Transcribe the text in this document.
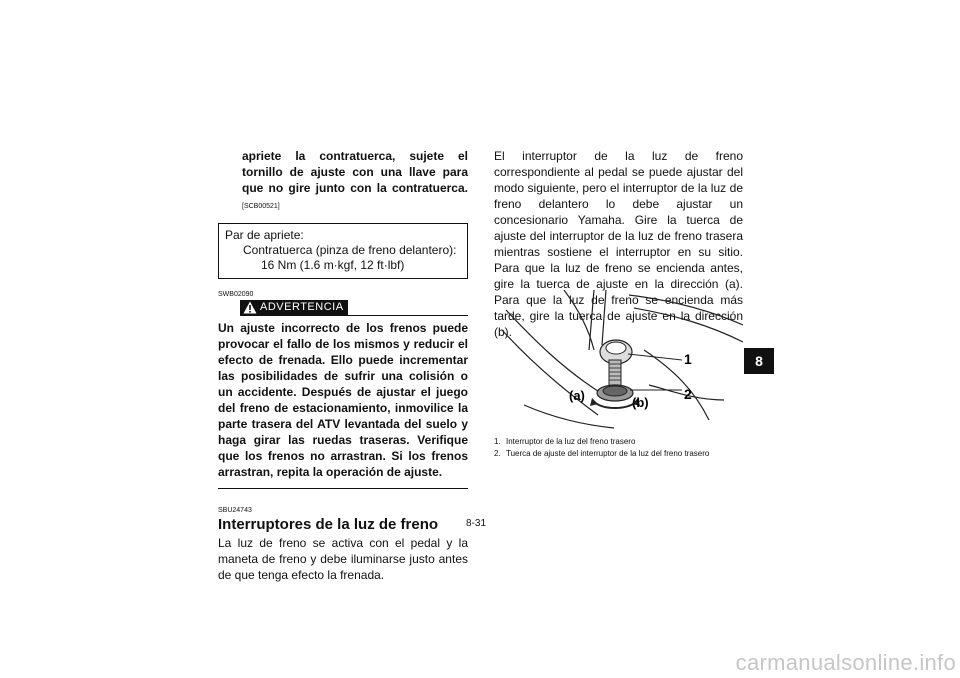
apriete la contratuerca, sujete el tornillo de ajuste con una llave para que no gire junto con la contratuerca. [SCB00521]
Par de apriete:
Contratuerca (pinza de freno delantero):
16 Nm (1.6 m·kgf, 12 ft·lbf)
SWB02090
ADVERTENCIA
Un ajuste incorrecto de los frenos puede provocar el fallo de los mismos y reducir el efecto de frenada. Ello puede incrementar las posibilidades de sufrir una colisión o un accidente. Después de ajustar el juego del freno de estacionamiento, inmovilice la parte trasera del ATV levantada del suelo y haga girar las ruedas traseras. Verifique que los frenos no arrastran. Si los frenos arrastran, repita la operación de ajuste.
SBU24743
Interruptores de la luz de freno
La luz de freno se activa con el pedal y la maneta de freno y debe iluminarse justo antes de que tenga efecto la frenada.
El interruptor de la luz de freno correspondiente al pedal se puede ajustar del modo siguiente, pero el interruptor de la luz de freno delantero lo debe ajustar un concesionario Yamaha. Gire la tuerca de ajuste del interruptor de la luz de freno trasera mientras sostiene el interruptor en su sitio. Para que la luz de freno se encienda antes, gire la tuerca de ajuste en la dirección (a). Para que la luz de freno se encienda más tarde, gire la tuerca de ajuste en la dirección (b).
1
2
(a)	(b)
1. Interruptor de la luz del freno trasero
2. Tuerca de ajuste del interruptor de la luz del freno trasero
8
8-31
carmanualsonline.info
